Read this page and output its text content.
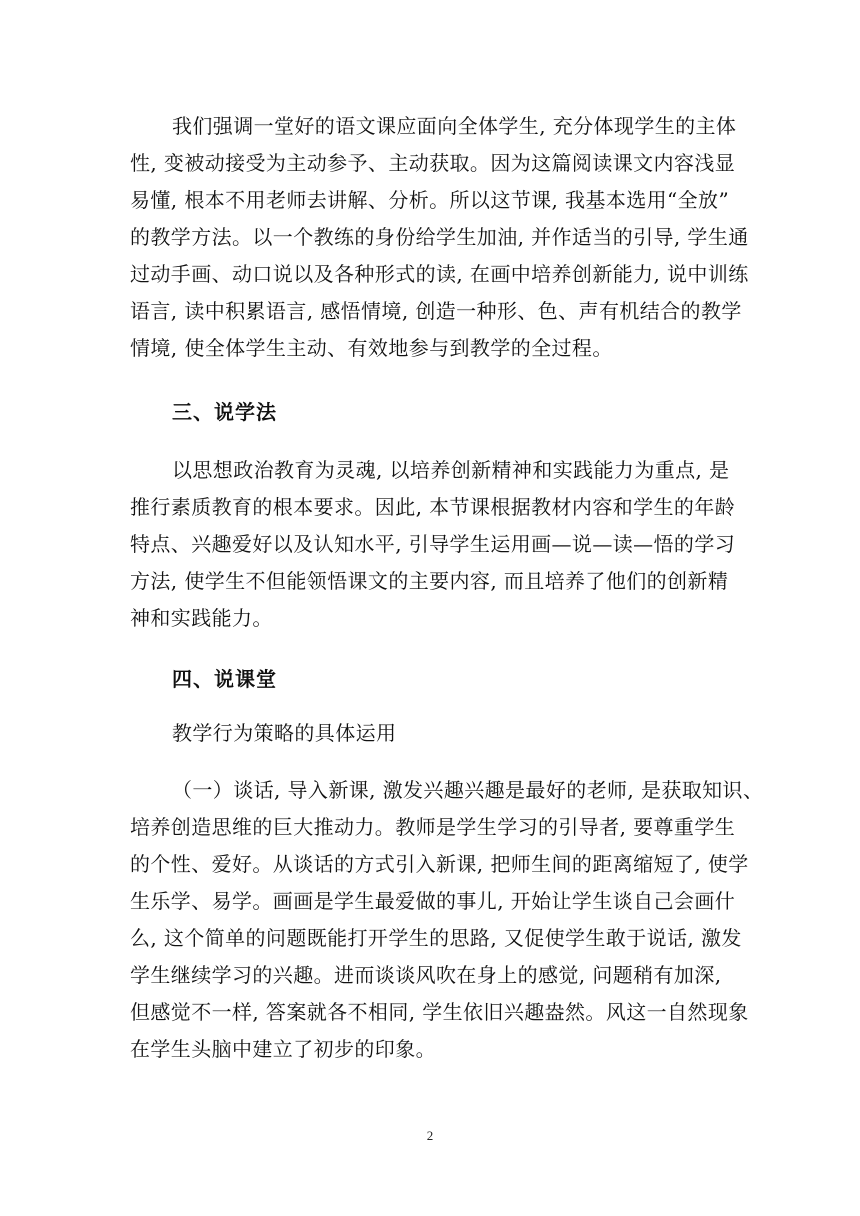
我们强调一堂好的语文课应面向全体学生, 充分体现学生的主体
性, 变被动接受为主动参予、主动获取。因为这篇阅读课文内容浅显
易懂, 根本不用老师去讲解、分析。所以这节课, 我基本选用“全放”
的教学方法。以一个教练的身份给学生加油, 并作适当的引导, 学生通
过动手画、动口说以及各种形式的读, 在画中培养创新能力, 说中训练
语言, 读中积累语言, 感悟情境, 创造一种形、色、声有机结合的教学
情境, 使全体学生主动、有效地参与到教学的全过程。
三、说学法
以思想政治教育为灵魂, 以培养创新精神和实践能力为重点, 是
推行素质教育的根本要求。因此, 本节课根据教材内容和学生的年龄
特点、兴趣爱好以及认知水平, 引导学生运用画—说—读—悟的学习
方法, 使学生不但能领悟课文的主要内容, 而且培养了他们的创新精
神和实践能力。
四、说课堂
教学行为策略的具体运用
（一）谈话, 导入新课, 激发兴趣兴趣是最好的老师, 是获取知识、
培养创造思维的巨大推动力。教师是学生学习的引导者, 要尊重学生
的个性、爱好。从谈话的方式引入新课, 把师生间的距离缩短了, 使学
生乐学、易学。画画是学生最爱做的事儿, 开始让学生谈自己会画什
么, 这个简单的问题既能打开学生的思路, 又促使学生敢于说话, 激发
学生继续学习的兴趣。进而谈谈风吹在身上的感觉, 问题稍有加深,
但感觉不一样, 答案就各不相同, 学生依旧兴趣盎然。风这一自然现象
在学生头脑中建立了初步的印象。
2
